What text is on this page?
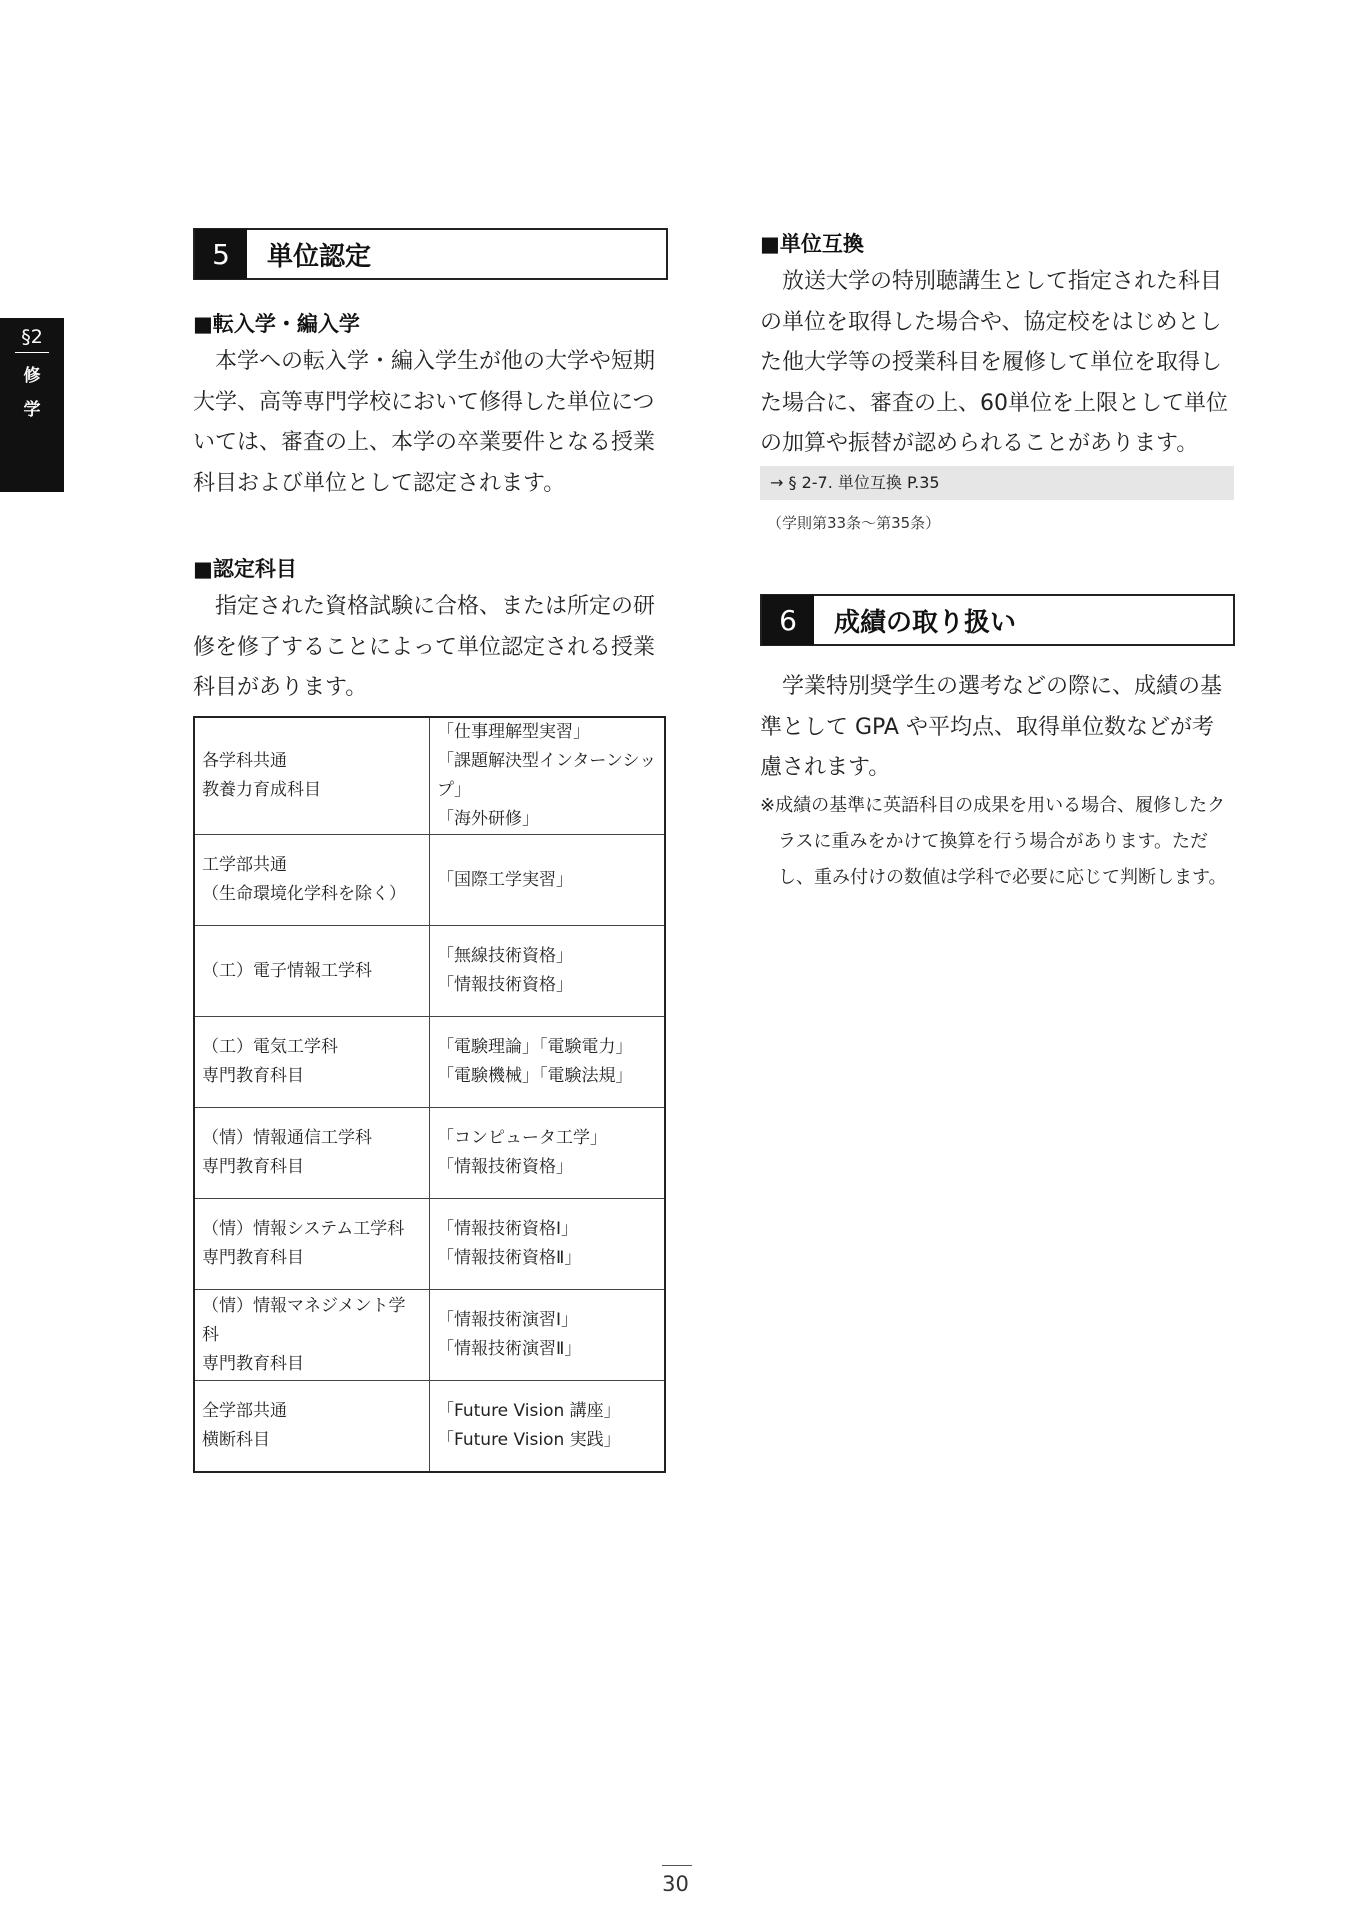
§2
修
学
5	単位認定
■転入学・編入学

本学への転入学・編入学生が他の大学や短期大学、高等専門学校において修得した単位については、審査の上、本学の卒業要件となる授業科目および単位として認定されます。

■認定科目

指定された資格試験に合格、または所定の研修を修了することによって単位認定される授業科目があります。

各学科共通
教養力育成科目	「仕事理解型実習」
「課題解決型インターンシップ」
「海外研修」
工学部共通
（生命環境化学科を除く）	「国際工学実習」
（工）電子情報工学科	「無線技術資格」
「情報技術資格」
（工）電気工学科
専門教育科目	「電験理論」「電験電力」
「電験機械」「電験法規」
（情）情報通信工学科
専門教育科目	「コンピュータ工学」
「情報技術資格」
（情）情報システム工学科
専門教育科目	「情報技術資格Ⅰ」
「情報技術資格Ⅱ」
（情）情報マネジメント学科
専門教育科目	「情報技術演習Ⅰ」
「情報技術演習Ⅱ」
全学部共通
横断科目	「Future Vision 講座」
「Future Vision 実践」
■単位互換

放送大学の特別聴講生として指定された科目の単位を取得した場合や、協定校をはじめとした他大学等の授業科目を履修して単位を取得した場合に、審査の上、60単位を上限として単位の加算や振替が認められることがあります。

→ § 2-7. 単位互換 P.35
（学則第33条〜第35条）
6	成績の取り扱い

学業特別奨学生の選考などの際に、成績の基準として GPA や平均点、取得単位数などが考慮されます。

※成績の基準に英語科目の成果を用いる場合、履修したクラスに重みをかけて換算を行う場合があります。ただし、重み付けの数値は学科で必要に応じて判断します。

30
